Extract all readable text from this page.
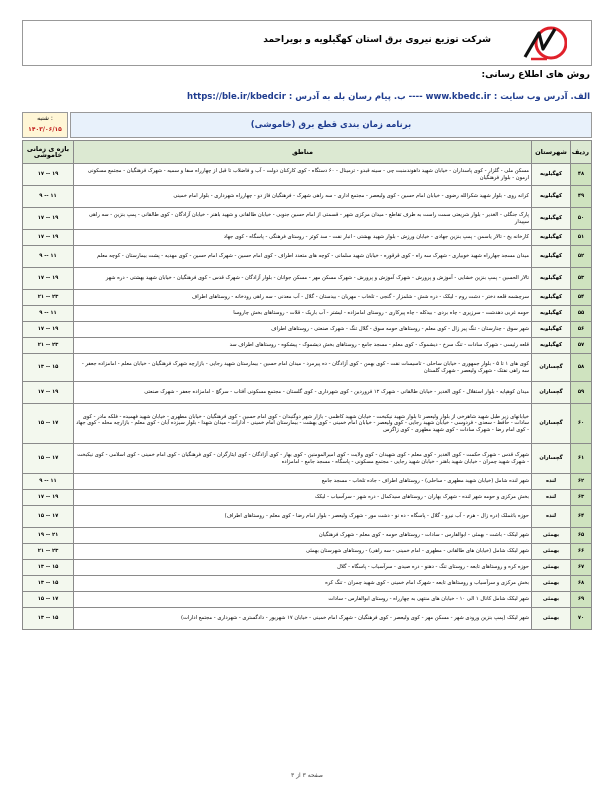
شرکت توزیع نیروی برق استان کهگیلویه و بویراحمد
روش های اطلاع رسانی:
الف. آدرس وب سایت : www.kbedc.ir ---- ب. پیام رسان بله به آدرس : https://ble.ir/kbedcir
شنبه :
۱۴۰۳/۰۶/۱۵	برنامه زمان بندی قطع برق (خاموشی)
ردیف	شهرستان	مناطق	بازه ی زمانی خاموشی
۴۸	کهگیلویه	مسکن ملی - گلزار - کوی پاسداران - خیابان شهید داهوندمنبت چی - سینه قبدو - ترمینال - ۶۰ دستگاه - کوی کارکنان دولت - آب و فاضلاب تا قبل از چهارراه سفا و سمیه - شهرک فرهنگیان - مجتمع مسکونی ارمون - بلوار فرهنگیان	۱۷ -- ۱۹
۴۹	کهگیلویه	کرانه روی - بلوار شهید شکرالله رضوی - خیابان امام حسین - کوی ولیعصر - مجتمع اداری - سه راهی شهرک - فرهنگیان فاز دو - چهارراه شهرداری - بلوار امام خمینی	۹ -- ۱۱
۵۰	کهگیلویه	پارک جنگلی - الغدیر - بلوار شریعتی سمت راست به طرف تقاطع - میدان مرکزی شهر - قسمتی از امام حسین جنوبی - خیابان طالقانی و شهید باهنر - خیابان آزادگان - کوی طالقانی - پمپ بنزین - سه راهی سپیدار	۱۷ -- ۱۹
۵۱	کهگیلویه	کارخانه یخ - تالار یاسمن - پمپ بنزین جهادی - خیابان ورزش - بلوار شهید بهشتی - انبار نفت - سد کوثر - روستای فرهنگی - پاسگاه - کوی جهاد	۱۷ -- ۱۹
۵۲	کهگیلویه	میدان مسجد جهارراه شهید خوبیاری - شهرک سه راه - کوی قرقوره - خیابان شهید سلمانی - کوچه های متعدد اطراف - کوی امام حسین - شهرک امام حسین - کوی مهدیه - پشت بیمارستان - کوچه معلم	۹ -- ۱۱
۵۳	کهگیلویه	تالار الحسین - پمپ بنزین خشایی - آموزش و پرورش - شهرک آموزش و پرورش - شهرک مسکن مهر - مسکن جوانان - بلوار آزادگان - شهرک قدس - کوی فرهنگیان - خیابان شهید بهشتی - دره شهر	۱۷ -- ۱۹
۵۴	کهگیلویه	سرچشمه قلعه دختر - دشت روم - لیکک - دره شش - شلمزار - گنجی - تلخاب - مهریان - بیدستان - گلال - آب معدنی - سه راهی رودخانه - روستاهای اطراف	۲۱ -- ۲۳
۵۵	کهگیلویه	حومه غربی دهدشت - سرزیری - چاه بردی - بیدکله - چاه پیرکاری - روستای امامزاده - لیشتر - آب باریک - قلات - روستاهای بخش چاروسا	۹ -- ۱۱
۵۶	کهگیلویه	شهر سوق - چنارستان - تنگ پیر زال - کوی معلم - روستاهای حومه سوق - گلال تنگ - شهرک صنعتی - روستاهای اطراف	۱۷ -- ۱۹
۵۷	کهگیلویه	قلعه رئیسی - شهرک سادات - تنگ سرخ - دیشموک - کوی معلم - مسجد جامع - روستاهای بخش دیشموک - پیشکوه - روستاهای اطراف سد	۲۱ -- ۲۳
۵۸	گچساران	کوی های ۱ تا ۵ - بلوار جمهوری - خیابان ساحلی - تاسیسات نفت - کوی بهمن - کوی آزادگان - ده پیرمرد - میدان امام حسین - بیمارستان شهید رجایی - بازارچه شهرک فرهنگیان - خیابان معلم - امامزاده جعفر - سه راهی نفتک - شهرک ولیعصر - شهرک گلستان	۱۳ -- ۱۵
۵۹	گچساران	میدان کوهپایه - بلوار استقلال - کوی الغدیر - خیابان طالقانی - شهرک ۱۲ فروردین - کوی شهرداری - کوی گلستان - مجتمع مسکونی آفتاب - سرگچ - امامزاده جعفر - شهرک صنعتی	۱۷ -- ۱۹
۶۰	گچساران	خیابانهای زیر طبل شهید شاهرخی از بلوار ولیعصر تا بلوار شهید نیکبخت - خیابان شهید کاظمی - بازار شهر دوگنبدان - کوی امام حسین - کوی فرهنگیان - خیابان مطهری - خیابان شهید فهمیده - فلکه مادر - کوی سادات - حافظ - سعدی - فردوسی - خیابان شهید رجایی - کوی ولیعصر - خیابان امام خمینی - کوی بهشت - بیمارستان امام خمینی - ادارات - میدان شهدا - بلوار سیزده آبان - کوی معلم - بازارچه محله - کوی جهاد - کوی امام رضا - شهرک سادات - کوی شهید مطهری - کوی زاگرس	۱۵ -- ۱۷
۶۱	گچساران	شهرک قدس - شهرک حکمت - کوی الغدیر - کوی معلم - کوی شهیدان - کوی ولایت - کوی امیرالمومنین - کوی بهار - کوی آزادگان - کوی ایثارگران - کوی فرهنگیان - کوی امام خمینی - کوی اسلامی - کوی نیکبخت - شهرک شهید چمران - خیابان شهید باهنر - خیابان شهید رجایی - مجتمع مسکونی - پاسگاه - مسجد جامع - امامزاده	۱۵ -- ۱۷
۶۲	لنده	شهر لنده شامل (خیابان شهید مطهری - ساحلی) - روستاهای اطراف - جاده تلخاب - مسجد جامع	۹ -- ۱۱
۶۳	لنده	بخش مرکزی و حومه شهر لنده - شهرک بهاران - روستاهای سیدکمال - دره شهر - سرآسیاب - لیکک	۱۷ -- ۱۹
۶۴	لنده	حوزه باغملک (دره زال - هرم - آب نیرو - گلال - پاسگاه - ده نو - دشت مور - شهرک ولیعصر - بلوار امام رضا - کوی معلم - روستاهای اطراف)	۱۵ -- ۱۷
۶۵	بهمئی	شهر لیکک - باشت - بهمئی - ابوالفارس - سادات - روستاهای حومه - کوی معلم - شهرک فرهنگیان	۱۹ -- ۲۱
۶۶	بهمئی	شهر لیکک شامل (خیابان های طالقانی - مطهری - امام خمینی - سه راهی) - روستاهای شهرستان بهمئی	۲۱ -- ۲۳
۶۷	بهمئی	حوزه کره و روستاهای تابعه - روستای تنگ - دهنو - دره صیدی - سرآسیاب - پاسگاه - گلال	۱۳ -- ۱۵
۶۸	بهمئی	بخش مرکزی و سرآسیاب و روستاهای تابعه - شهرک امام خمینی - کوی شهید چمران - تنگ کره	۱۳ -- ۱۵
۶۹	بهمئی	شهر لیکک شامل کانال ۱ الی ۱۰ - خیابان های منتهی به چهارراه - روستای ابوالفارس - سادات	۱۵ -- ۱۷
۷۰	بهمئی	شهر لیکک (پمپ بنزین ورودی شهر - مسکن مهر - کوی ولیعصر - کوی فرهنگیان - شهرک امام خمینی - خیابان ۱۷ شهریور - دادگستری - شهرداری - مجتمع ادارات)	۱۳ -- ۱۵
صفحه ۳ از ۳
